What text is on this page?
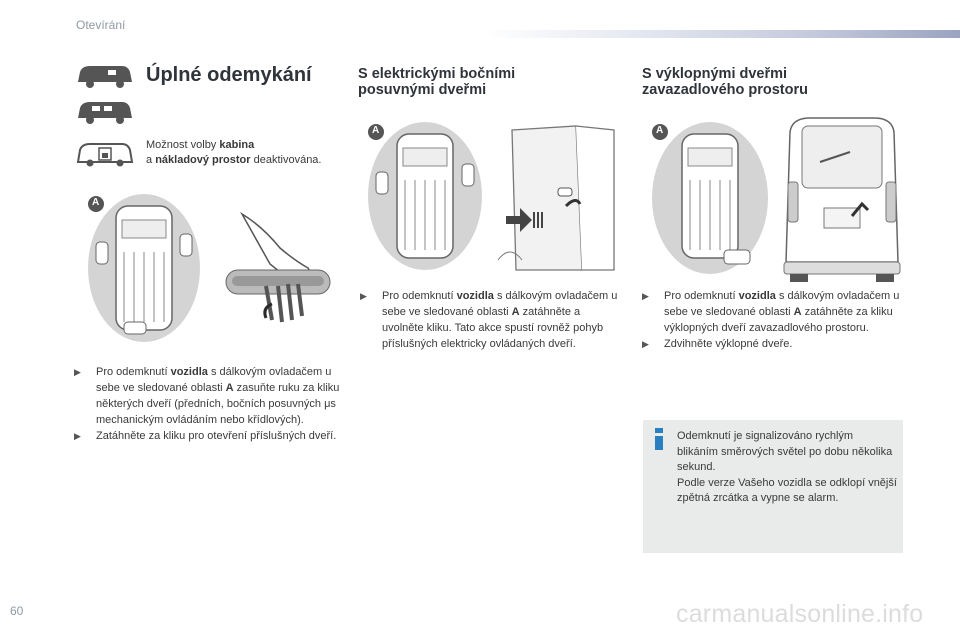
Otevírání
Úplné odemykání
Možnost volby kabina
a nákladový prostor deaktivována.
A
▶ Pro odemknutí vozidla s dálkovým ovladačem u sebe ve sledované oblasti A zasuňte ruku za kliku některých dveří (předních, bočních posuvných μs mechanickým ovládáním nebo křídlových).
▶ Zatáhněte za kliku pro otevření příslušných dveří.
S elektrickými bočními posuvnými dveřmi
A
▶ Pro odemknutí vozidla s dálkovým ovladačem u sebe ve sledované oblasti A zatáhněte a uvolněte kliku. Tato akce spustí rovněž pohyb příslušných elektricky ovládaných dveří.
S výklopnými dveřmi zavazadlového prostoru
A
▶ Pro odemknutí vozidla s dálkovým ovladačem u sebe ve sledované oblasti A zatáhněte za kliku výklopných dveří zavazadlového prostoru.
▶ Zdvihněte výklopné dveře.
Odemknutí je signalizováno rychlým blikáním směrových světel po dobu několika sekund.
Podle verze Vašeho vozidla se odklopí vnější zpětná zrcátka a vypne se alarm.
60	carmanualsonline.info
